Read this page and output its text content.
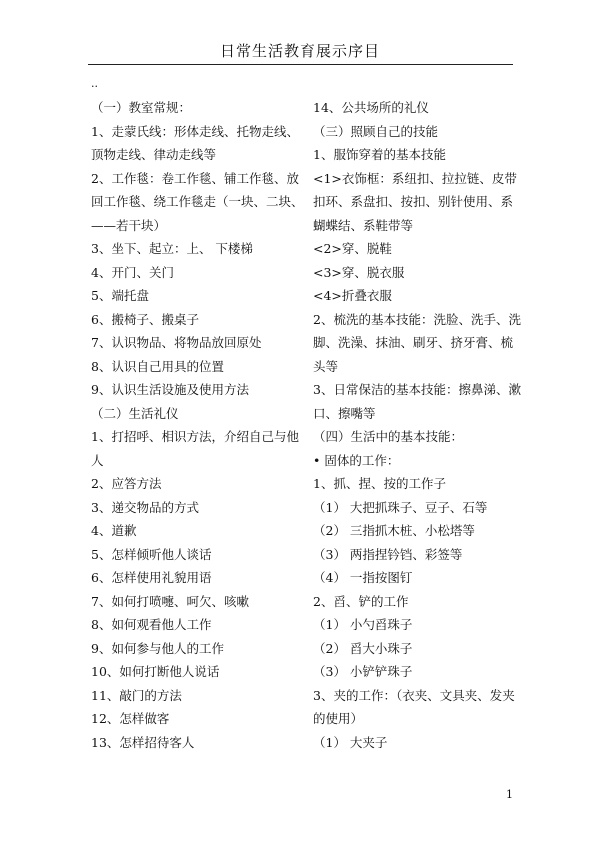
日常生活教育展示序目
..
（一）教室常规：
1、走蒙氏线：形体走线、托物走线、
顶物走线、律动走线等
2、工作毯：卷工作毯、铺工作毯、放
回工作毯、绕工作毯走（一块、二块、
——若干块）
3、坐下、起立：上、 下楼梯
4、开门、关门
5、端托盘
6、搬椅子、搬桌子
7、认识物品、将物品放回原处
8、认识自己用具的位置
9、认识生活设施及使用方法
（二）生活礼仪
1、打招呼、相识方法，介绍自己与他
人
2、应答方法
3、递交物品的方式
4、道歉
5、怎样倾听他人谈话
6、怎样使用礼貌用语
7、如何打喷嚏、呵欠、咳嗽
8、如何观看他人工作
9、如何参与他人的工作
10、如何打断他人说话
11、敲门的方法
12、怎样做客
13、怎样招待客人
14、公共场所的礼仪
（三）照顾自己的技能
1、服饰穿着的基本技能
<1>衣饰框：系纽扣、拉拉链、皮带
扣环、系盘扣、按扣、别针使用、系
蝴蝶结、系鞋带等
<2>穿、脱鞋
<3>穿、脱衣服
<4>折叠衣服
2、梳洗的基本技能：洗脸、洗手、洗
脚、洗澡、抹油、刷牙、挤牙膏、梳
头等
3、日常保洁的基本技能：擦鼻涕、漱
口、擦嘴等
（四）生活中的基本技能：
• 固体的工作：
1、抓、捏、按的工作子
（1） 大把抓珠子、豆子、石等
（2） 三指抓木桩、小松塔等
（3） 两指捏钤铛、彩签等
（4） 一指按图钉
2、舀、铲的工作
（1） 小勺舀珠子
（2） 舀大小珠子
（3） 小铲铲珠子
3、夹的工作：（衣夹、文具夹、发夹
的使用）
（1） 大夹子
1
